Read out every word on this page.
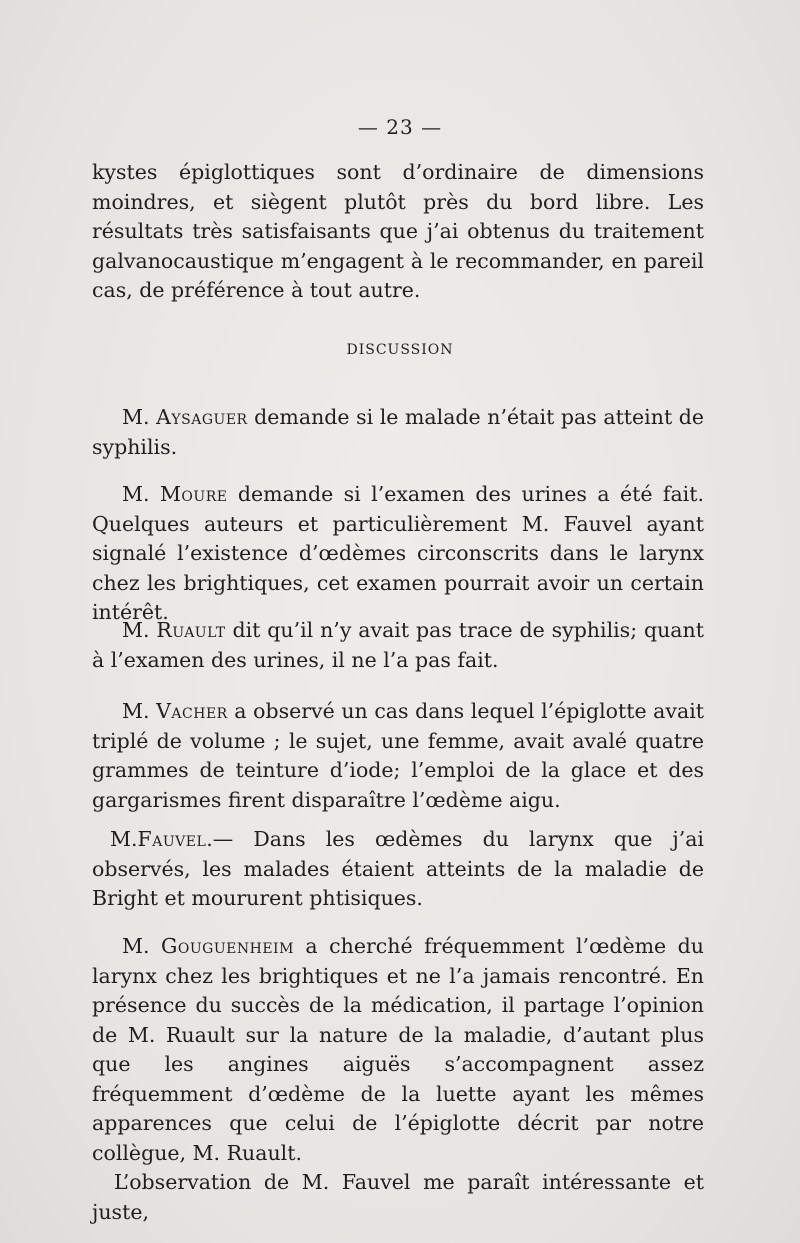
— 23 —

kystes épiglottiques sont d’ordinaire de dimensions moindres, et siègent plutôt près du bord libre. Les résultats très satisfaisants que j’ai obtenus du traitement galvanocaustique m’engagent à le recommander, en pareil cas, de préférence à tout autre.

DISCUSSION

M. Aysaguer demande si le malade n’était pas atteint de syphilis.

M. Moure demande si l’examen des urines a été fait. Quelques auteurs et particulièrement M. Fauvel ayant signalé l’existence d’œdèmes circonscrits dans le larynx chez les brightiques, cet examen pourrait avoir un certain intérêt.

M. Ruault dit qu’il n’y avait pas trace de syphilis; quant à l’examen des urines, il ne l’a pas fait.

M. Vacher a observé un cas dans lequel l’épiglotte avait triplé de volume ; le sujet, une femme, avait avalé quatre grammes de teinture d’iode; l’emploi de la glace et des gargarismes firent disparaître l’œdème aigu.

M.Fauvel.— Dans les œdèmes du larynx que j’ai observés, les malades étaient atteints de la maladie de Bright et moururent phtisiques.

M. Gouguenheim a cherché fréquemment l’œdème du larynx chez les brightiques et ne l’a jamais rencontré. En présence du succès de la médication, il partage l’opinion de M. Ruault sur la nature de la maladie, d’autant plus que les angines aiguës s’accompagnent assez fréquemment d’œdème de la luette ayant les mêmes apparences que celui de l’épiglotte décrit par notre collègue, M. Ruault.

L’observation de M. Fauvel me paraît intéressante et juste,
